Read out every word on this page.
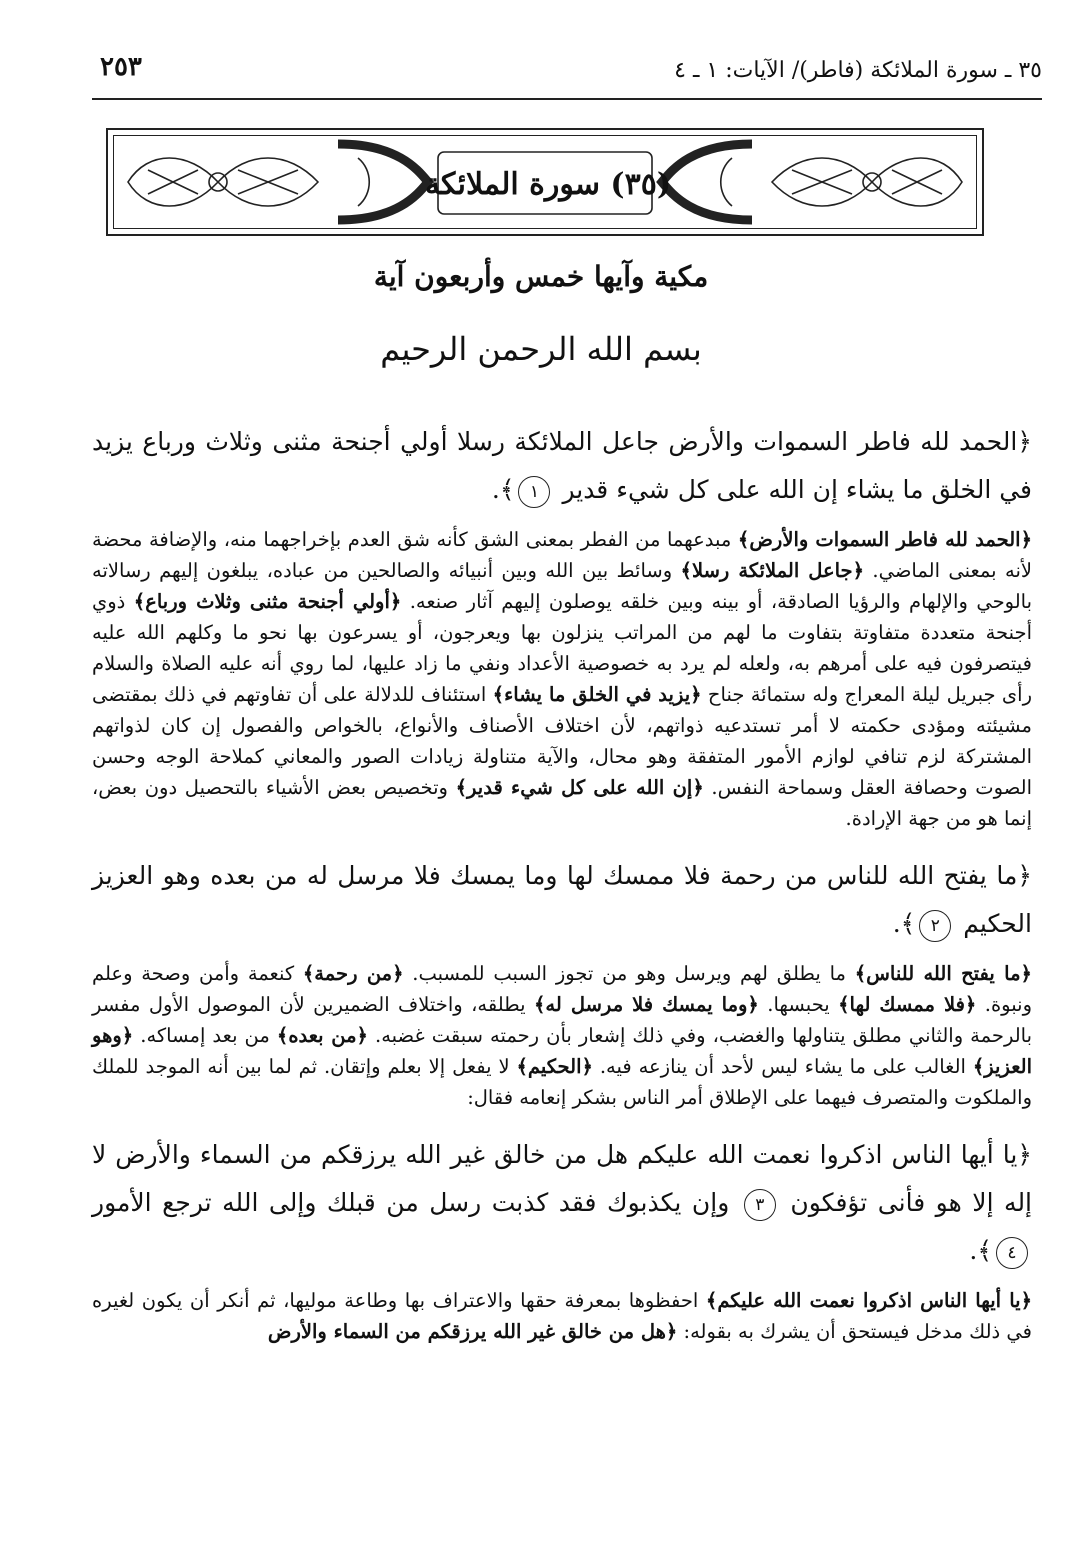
٢٥٣	٣٥ ـ سورة الملائكة (فاطر)/ الآيات: ١ ـ ٤
(٣٥) سورة الملائكة
مكية وآيها خمس وأربعون آية
بسم الله الرحمن الرحيم

﴿الحمد لله فاطر السموات والأرض جاعل الملائكة رسلا أولي أجنحة مثنى وثلاث ورباع يزيد في الخلق ما يشاء إن الله على كل شيء قدير ١﴾.

﴿الحمد لله فاطر السموات والأرض﴾ مبدعهما من الفطر بمعنى الشق كأنه شق العدم بإخراجهما منه، والإضافة محضة لأنه بمعنى الماضي. ﴿جاعل الملائكة رسلا﴾ وسائط بين الله وبين أنبيائه والصالحين من عباده، يبلغون إليهم رسالاته بالوحي والإلهام والرؤيا الصادقة، أو بينه وبين خلقه يوصلون إليهم آثار صنعه. ﴿أولي أجنحة مثنى وثلاث ورباع﴾ ذوي أجنحة متعددة متفاوتة بتفاوت ما لهم من المراتب ينزلون بها ويعرجون، أو يسرعون بها نحو ما وكلهم الله عليه فيتصرفون فيه على أمرهم به، ولعله لم يرد به خصوصية الأعداد ونفي ما زاد عليها، لما روي أنه عليه الصلاة والسلام رأى جبريل ليلة المعراج وله ستمائة جناح ﴿يزيد في الخلق ما يشاء﴾ استئناف للدلالة على أن تفاوتهم في ذلك بمقتضى مشيئته ومؤدى حكمته لا أمر تستدعيه ذواتهم، لأن اختلاف الأصناف والأنواع، بالخواص والفصول إن كان لذواتهم المشتركة لزم تنافي لوازم الأمور المتفقة وهو محال، والآية متناولة زيادات الصور والمعاني كملاحة الوجه وحسن الصوت وحصافة العقل وسماحة النفس. ﴿إن الله على كل شيء قدير﴾ وتخصيص بعض الأشياء بالتحصيل دون بعض، إنما هو من جهة الإرادة.

﴿ما يفتح الله للناس من رحمة فلا ممسك لها وما يمسك فلا مرسل له من بعده وهو العزيز الحكيم ٢﴾.

﴿ما يفتح الله للناس﴾ ما يطلق لهم ويرسل وهو من تجوز السبب للمسبب. ﴿من رحمة﴾ كنعمة وأمن وصحة وعلم ونبوة. ﴿فلا ممسك لها﴾ يحبسها. ﴿وما يمسك فلا مرسل له﴾ يطلقه، واختلاف الضميرين لأن الموصول الأول مفسر بالرحمة والثاني مطلق يتناولها والغضب، وفي ذلك إشعار بأن رحمته سبقت غضبه. ﴿من بعده﴾ من بعد إمساكه. ﴿وهو العزيز﴾ الغالب على ما يشاء ليس لأحد أن ينازعه فيه. ﴿الحكيم﴾ لا يفعل إلا بعلم وإتقان. ثم لما بين أنه الموجد للملك والملكوت والمتصرف فيهما على الإطلاق أمر الناس بشكر إنعامه فقال:

﴿يا أيها الناس اذكروا نعمت الله عليكم هل من خالق غير الله يرزقكم من السماء والأرض لا إله إلا هو فأنى تؤفكون ٣ وإن يكذبوك فقد كذبت رسل من قبلك وإلى الله ترجع الأمور ٤﴾.

﴿يا أيها الناس اذكروا نعمت الله عليكم﴾ احفظوها بمعرفة حقها والاعتراف بها وطاعة موليها، ثم أنكر أن يكون لغيره في ذلك مدخل فيستحق أن يشرك به بقوله: ﴿هل من خالق غير الله يرزقكم من السماء والأرض
